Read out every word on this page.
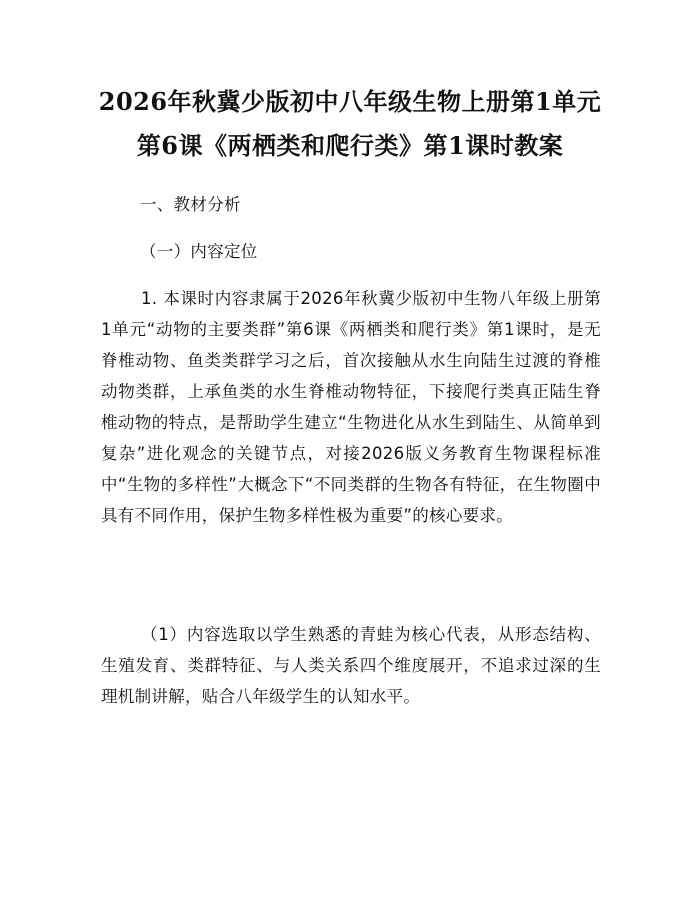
2026年秋冀少版初中八年级生物上册第1单元第6课《两栖类和爬行类》第1课时教案

一、教材分析

（一）内容定位

1. 本课时内容隶属于2026年秋冀少版初中生物八年级上册第1单元“动物的主要类群”第6课《两栖类和爬行类》第1课时，是无脊椎动物、鱼类类群学习之后，首次接触从水生向陆生过渡的脊椎动物类群，上承鱼类的水生脊椎动物特征，下接爬行类真正陆生脊椎动物的特点，是帮助学生建立“生物进化从水生到陆生、从简单到复杂”进化观念的关键节点，对接2026版义务教育生物课程标准中“生物的多样性”大概念下“不同类群的生物各有特征，在生物圈中具有不同作用，保护生物多样性极为重要”的核心要求。

（1）内容选取以学生熟悉的青蛙为核心代表，从形态结构、生殖发育、类群特征、与人类关系四个维度展开，不追求过深的生理机制讲解，贴合八年级学生的认知水平。
